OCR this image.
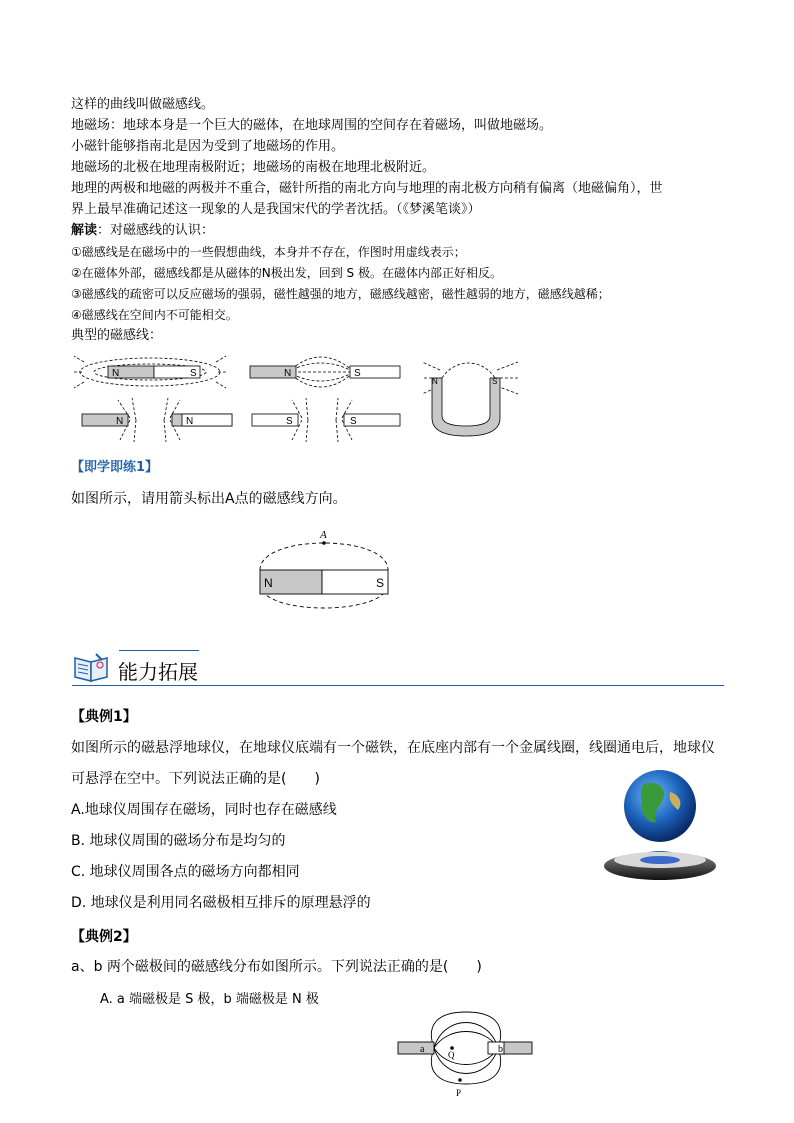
这样的曲线叫做磁感线。
地磁场：地球本身是一个巨大的磁体，在地球周围的空间存在着磁场，叫做地磁场。
小磁针能够指南北是因为受到了地磁场的作用。
地磁场的北极在地理南极附近；地磁场的南极在地理北极附近。
地理的两极和地磁的两极并不重合，磁针所指的南北方向与地理的南北极方向稍有偏离（地磁偏角），世
界上最早准确记述这一现象的人是我国宋代的学者沈括。（《梦溪笔谈》）
解读：对磁感线的认识：
①磁感线是在磁场中的一些假想曲线，本身并不存在，作图时用虚线表示；
②在磁体外部，磁感线都是从磁体的N极出发，回到 S 极。在磁体内部正好相反。
③磁感线的疏密可以反应磁场的强弱，磁性越强的地方，磁感线越密，磁性越弱的地方，磁感线越稀；
④磁感线在空间内不可能相交。
典型的磁感线：
N	S	N	S
N	S
N	N	S	S
【即学即练1】
如图所示，请用箭头标出A点的磁感线方向。
A
N	S
能力拓展
【典例1】
如图所示的磁悬浮地球仪，在地球仪底端有一个磁铁，在底座内部有一个金属线圈，线圈通电后，地球仪
可悬浮在空中。下列说法正确的是(　　)
A.地球仪周围存在磁场，同时也存在磁感线
B. 地球仪周围的磁场分布是均匀的
C. 地球仪周围各点的磁场方向都相同
D. 地球仪是利用同名磁极相互排斥的原理悬浮的
【典例2】
a、b 两个磁极间的磁感线分布如图所示。下列说法正确的是(　　)
A. a 端磁极是 S 极，b 端磁极是 N 极
a	b
Q
P
